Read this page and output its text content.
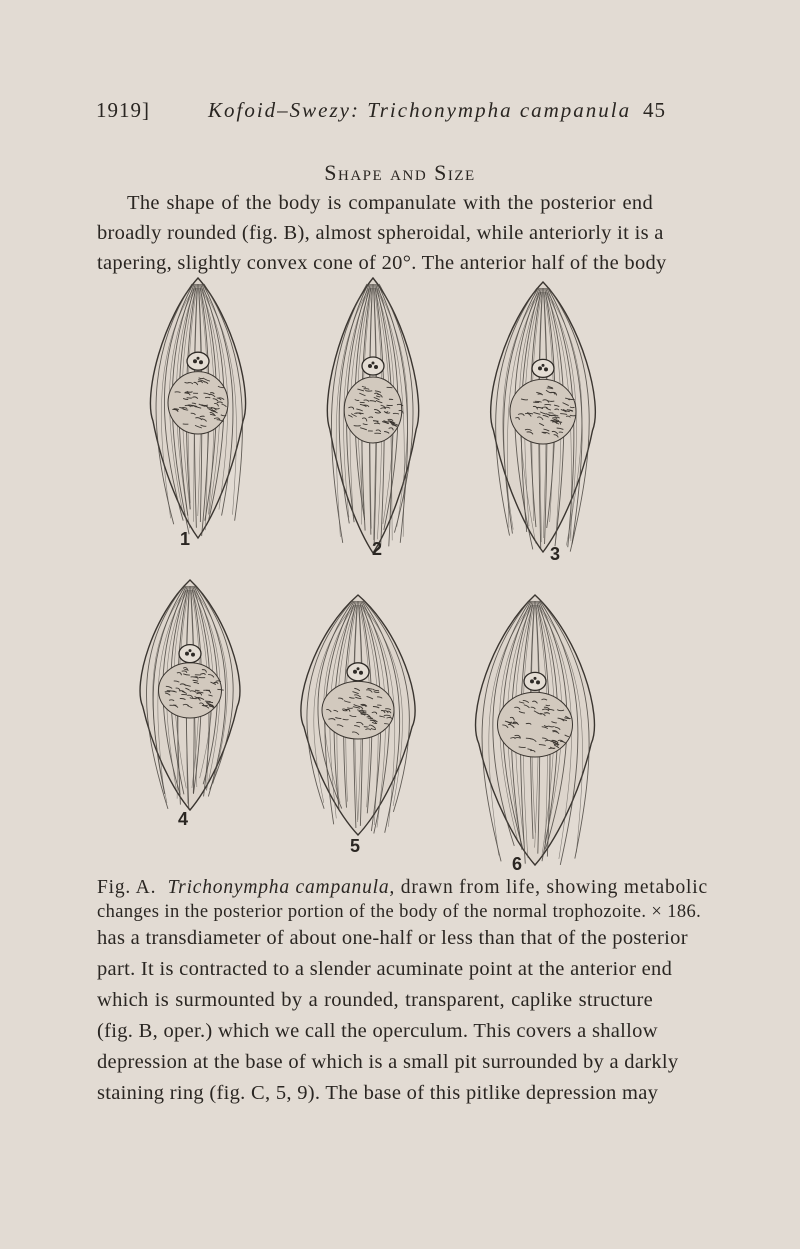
1919]	Kofoid–Swezy: Trichonympha campanula 45
Shape and Size
The shape of the body is companulate with the posterior end
broadly rounded (fig. B), almost spheroidal, while anteriorly it is a
tapering, slightly convex cone of 20°. The anterior half of the body
1	2	3
4
5
6
Fig. A. Trichonympha campanula, drawn from life, showing metabolic
changes in the posterior portion of the body of the normal trophozoite. × 186.
has a transdiameter of about one-half or less than that of the posterior
part. It is contracted to a slender acuminate point at the anterior end
which is surmounted by a rounded, transparent, caplike structure
(fig. B, oper.) which we call the operculum. This covers a shallow
depression at the base of which is a small pit surrounded by a darkly
staining ring (fig. C, 5, 9). The base of this pitlike depression may
